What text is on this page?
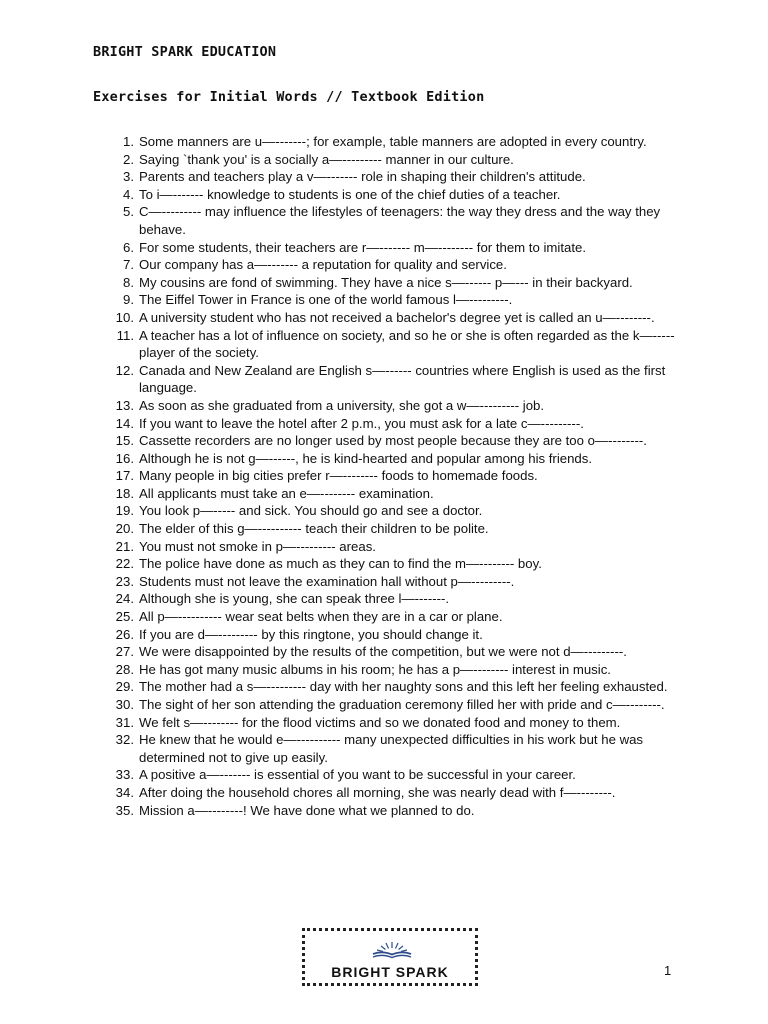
BRIGHT SPARK EDUCATION
Exercises for Initial Words // Textbook Edition
1. Some manners are u—-------; for example, table manners are adopted in every country.
2. Saying `thank you' is a socially a—--------- manner in our culture.
3. Parents and teachers play a v—------- role in shaping their children's attitude.
4. To i—------- knowledge to students is one of the chief duties of a teacher.
5. C—--------- may influence the lifestyles of teenagers: the way they dress and the way they behave.
6. For some students, their teachers are r—------- m—-------- for them to imitate.
7. Our company has a—------- a reputation for quality and service.
8. My cousins are fond of swimming. They have a nice s—------ p—--- in their backyard.
9. The Eiffel Tower in France is one of the world famous l—---------.
10. A university student who has not received a bachelor's degree yet is called an u—--------.
11. A teacher has a lot of influence on society, and so he or she is often regarded as the k—----- player of the society.
12. Canada and New Zealand are English s—------ countries where English is used as the first language.
13. As soon as she graduated from a university, she got a w—--------- job.
14. If you want to leave the hotel after 2 p.m., you must ask for a late c—---------.
15. Cassette recorders are no longer used by most people because they are too o—--------.
16. Although he is not g—------, he is kind-hearted and popular among his friends.
17. Many people in big cities prefer r—-------- foods to homemade foods.
18. All applicants must take an e—-------- examination.
19. You look p—----- and sick. You should go and see a doctor.
20. The elder of this g—---------- teach their children to be polite.
21. You must not smoke in p—--------- areas.
22. The police have done as much as they can to find the m—-------- boy.
23. Students must not leave the examination hall without p—---------.
24. Although she is young, she can speak three l—-------.
25. All p—---------- wear seat belts when they are in a car or plane.
26. If you are d—--------- by this ringtone, you should change it.
27. We were disappointed by the results of the competition, but we were not d—---------.
28. He has got many music albums in his room; he has a p—-------- interest in music.
29. The mother had a s—--------- day with her naughty sons and this left her feeling exhausted.
30. The sight of her son attending the graduation ceremony filled her with pride and c—--------.
31. We felt s—-------- for the flood victims and so we donated food and money to them.
32. He knew that he would e—---------- many unexpected difficulties in his work but he was determined not to give up easily.
33. A positive a—------- is essential of you want to be successful in your career.
34. After doing the household chores all morning, she was nearly dead with f—--------.
35. Mission a—--------! We have done what we planned to do.
BRIGHT SPARK	1
